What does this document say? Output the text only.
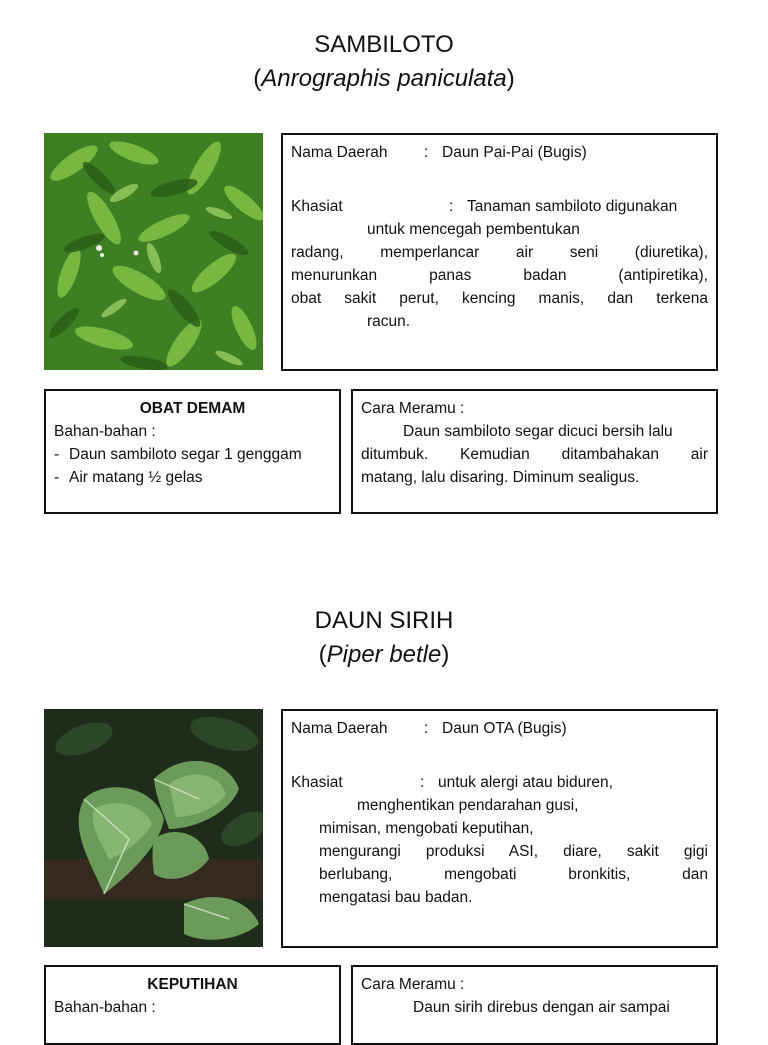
SAMBILOTO
(Anrographis paniculata)
Nama Daerah	: Daun Pai-Pai (Bugis)
Khasiat	: Tanaman sambiloto digunakan
untuk mencegah pembentukan
radang, memperlancar air seni (diuretika),
menurunkan panas badan (antipiretika),
obat sakit perut, kencing manis, dan terkena
racun.
OBAT DEMAM
Bahan-bahan :
- Daun sambiloto segar 1 genggam
- Air matang ½ gelas
Cara Meramu :
Daun sambiloto segar dicuci bersih lalu
ditumbuk. Kemudian ditambahakan air
matang, lalu disaring. Diminum sealigus.
DAUN SIRIH
(Piper betle)
Nama Daerah	: Daun OTA (Bugis)
Khasiat	: untuk alergi atau biduren,
menghentikan pendarahan gusi,
mimisan, mengobati keputihan,
mengurangi produksi ASI, diare, sakit gigi
berlubang, mengobati bronkitis, dan
mengatasi bau badan.
KEPUTIHAN
Bahan-bahan :
Cara Meramu :
Daun sirih direbus dengan air sampai
